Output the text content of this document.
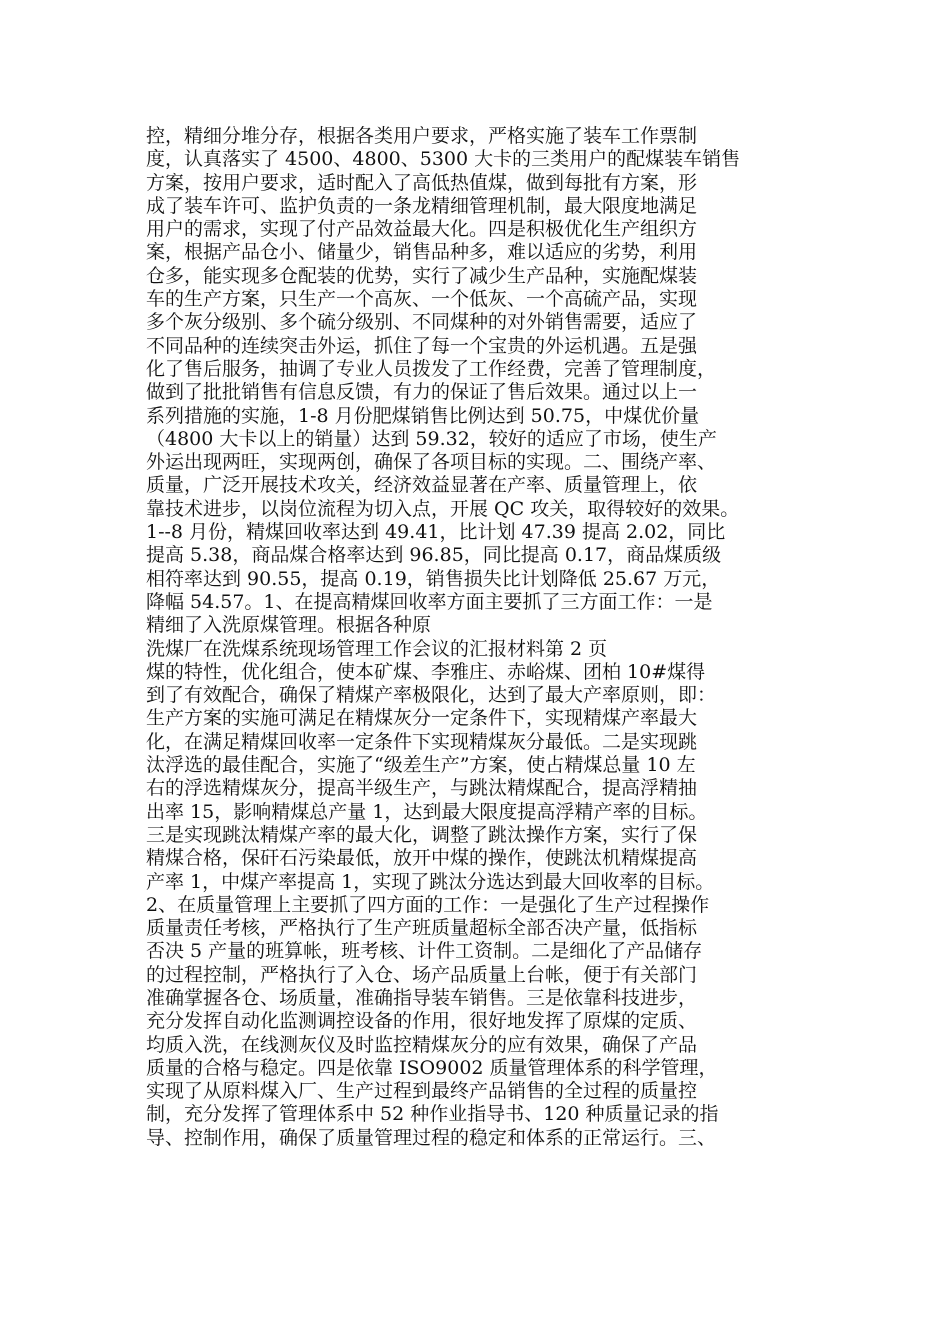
控，精细分堆分存，根据各类用户要求，严格实施了装车工作票制
度，认真落实了 4500、4800、5300 大卡的三类用户的配煤装车销售
方案，按用户要求，适时配入了高低热值煤，做到每批有方案，形
成了装车许可、监护负责的一条龙精细管理机制，最大限度地满足
用户的需求，实现了付产品效益最大化。四是积极优化生产组织方
案，根据产品仓小、储量少，销售品种多，难以适应的劣势，利用
仓多，能实现多仓配装的优势，实行了减少生产品种，实施配煤装
车的生产方案，只生产一个高灰、一个低灰、一个高硫产品，实现
多个灰分级别、多个硫分级别、不同煤种的对外销售需要，适应了
不同品种的连续突击外运，抓住了每一个宝贵的外运机遇。五是强
化了售后服务，抽调了专业人员拨发了工作经费，完善了管理制度，
做到了批批销售有信息反馈，有力的保证了售后效果。通过以上一
系列措施的实施，1-8 月份肥煤销售比例达到 50.75，中煤优价量
（4800 大卡以上的销量）达到 59.32，较好的适应了市场，使生产
外运出现两旺，实现两创，确保了各项目标的实现。二、围绕产率、
质量，广泛开展技术攻关，经济效益显著在产率、质量管理上，依
靠技术进步，以岗位流程为切入点，开展 QC 攻关，取得较好的效果。
1--8 月份，精煤回收率达到 49.41，比计划 47.39 提高 2.02，同比
提高 5.38，商品煤合格率达到 96.85，同比提高 0.17，商品煤质级
相符率达到 90.55，提高 0.19，销售损失比计划降低 25.67 万元，
降幅 54.57。1、在提高精煤回收率方面主要抓了三方面工作：一是
精细了入洗原煤管理。根据各种原
洗煤厂在洗煤系统现场管理工作会议的汇报材料第 2 页
煤的特性，优化组合，使本矿煤、李雅庄、赤峪煤、团柏 10#煤得
到了有效配合，确保了精煤产率极限化，达到了最大产率原则，即：
生产方案的实施可满足在精煤灰分一定条件下，实现精煤产率最大
化，在满足精煤回收率一定条件下实现精煤灰分最低。二是实现跳
汰浮选的最佳配合，实施了“级差生产”方案，使占精煤总量 10 左
右的浮选精煤灰分，提高半级生产，与跳汰精煤配合，提高浮精抽
出率 15，影响精煤总产量 1，达到最大限度提高浮精产率的目标。
三是实现跳汰精煤产率的最大化，调整了跳汰操作方案，实行了保
精煤合格，保矸石污染最低，放开中煤的操作，使跳汰机精煤提高
产率 1，中煤产率提高 1，实现了跳汰分选达到最大回收率的目标。
2、在质量管理上主要抓了四方面的工作：一是强化了生产过程操作
质量责任考核，严格执行了生产班质量超标全部否决产量，低指标
否决 5 产量的班算帐，班考核、计件工资制。二是细化了产品储存
的过程控制，严格执行了入仓、场产品质量上台帐，便于有关部门
准确掌握各仓、场质量，准确指导装车销售。三是依靠科技进步，
充分发挥自动化监测调控设备的作用，很好地发挥了原煤的定质、
均质入洗，在线测灰仪及时监控精煤灰分的应有效果，确保了产品
质量的合格与稳定。四是依靠 ISO9002 质量管理体系的科学管理，
实现了从原料煤入厂、生产过程到最终产品销售的全过程的质量控
制，充分发挥了管理体系中 52 种作业指导书、120 种质量记录的指
导、控制作用，确保了质量管理过程的稳定和体系的正常运行。三、
